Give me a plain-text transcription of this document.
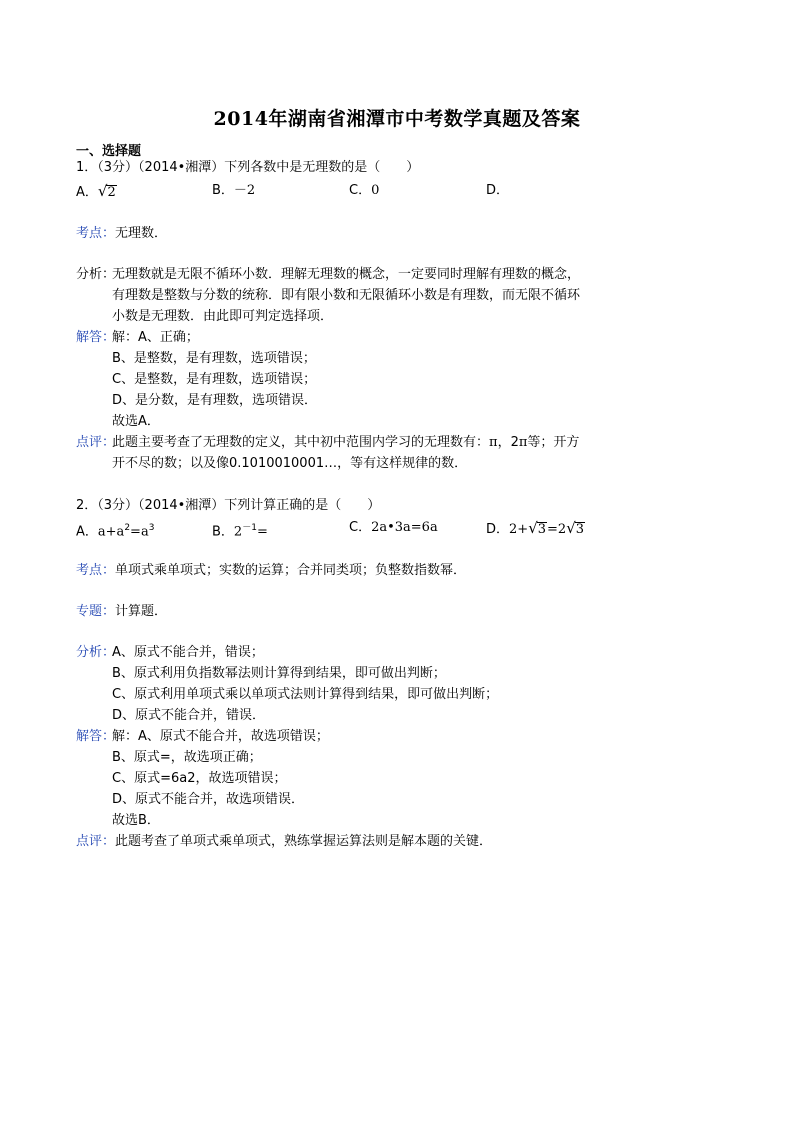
2014年湖南省湘潭市中考数学真题及答案
一、选择题
1．（3分）（2014•湘潭）下列各数中是无理数的是（　　）
A．√2	B．－2	C．0	D．
考点：无理数．
分析：
无理数就是无限不循环小数．理解无理数的概念，一定要同时理解有理数的概念，
有理数是整数与分数的统称．即有限小数和无限循环小数是有理数，而无限不循环
小数是无理数．由此即可判定选择项．
解答：
解：A、正确；
B、是整数，是有理数，选项错误；
C、是整数，是有理数，选项错误；
D、是分数，是有理数，选项错误．
故选A．
点评：
此题主要考查了无理数的定义，其中初中范围内学习的无理数有：π，2π等；开方
开不尽的数；以及像0.1010010001…，等有这样规律的数．
2．（3分）（2014•湘潭）下列计算正确的是（　　）
A．$a+a^2=a^3$	B．$2^{-1}=$	C．2a•3a=6a	D．2+√3=2√3
考点：单项式乘单项式；实数的运算；合并同类项；负整数指数幂．
专题：计算题．
分析：
A、原式不能合并，错误；
B、原式利用负指数幂法则计算得到结果，即可做出判断；
C、原式利用单项式乘以单项式法则计算得到结果，即可做出判断；
D、原式不能合并，错误．
解答：
解：A、原式不能合并，故选项错误；
B、原式=，故选项正确；
C、原式=6a2，故选项错误；
D、原式不能合并，故选项错误．
故选B．
点评：此题考查了单项式乘单项式，熟练掌握运算法则是解本题的关键．
